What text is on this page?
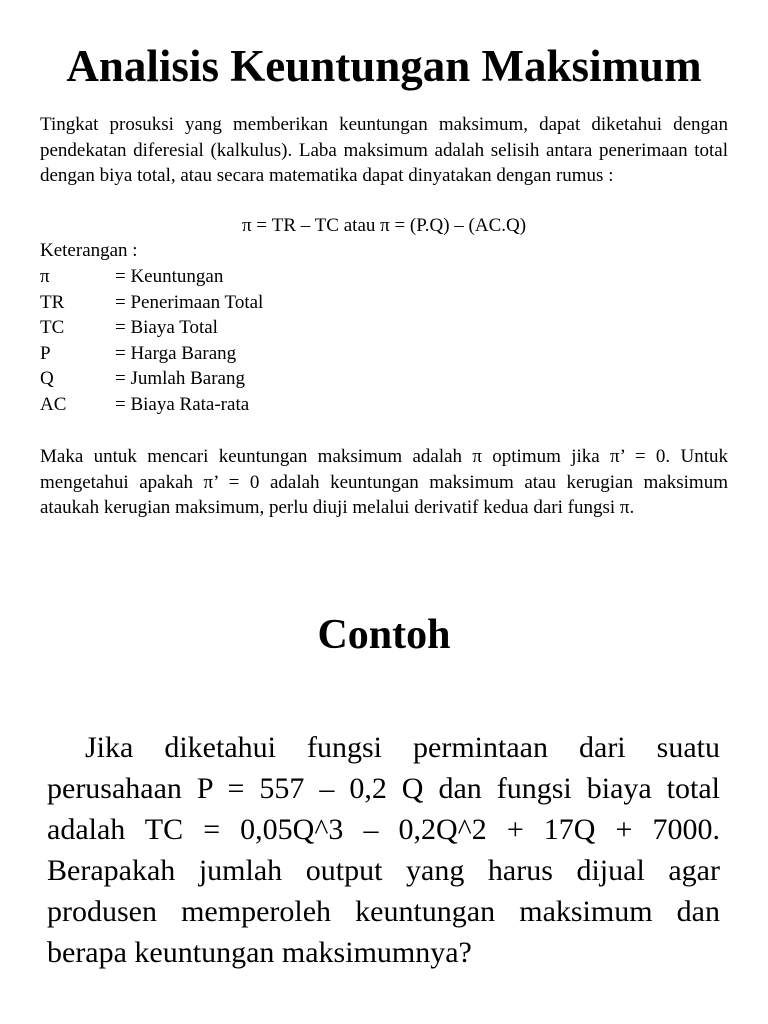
Analisis Keuntungan Maksimum

Tingkat prosuksi yang memberikan keuntungan maksimum, dapat diketahui dengan pendekatan diferesial (kalkulus). Laba maksimum adalah selisih antara penerimaan total dengan biya total, atau secara matematika dapat dinyatakan dengan rumus :

π = TR – TC atau π = (P.Q) – (AC.Q)

Keterangan :

π	= Keuntungan
TR	= Penerimaan Total
TC	= Biaya Total
P	= Harga Barang
Q	= Jumlah Barang
AC	= Biaya Rata-rata

Maka untuk mencari keuntungan maksimum adalah π optimum jika π’ = 0. Untuk mengetahui apakah π’ = 0 adalah keuntungan maksimum atau kerugian maksimum ataukah kerugian maksimum, perlu diuji melalui derivatif kedua dari fungsi π.

Contoh

Jika diketahui fungsi permintaan dari suatu perusahaan P = 557 – 0,2 Q dan fungsi biaya total adalah TC = 0,05Q^3 – 0,2Q^2 + 17Q + 7000. Berapakah jumlah output yang harus dijual agar produsen memperoleh keuntungan maksimum dan berapa keuntungan maksimumnya?
